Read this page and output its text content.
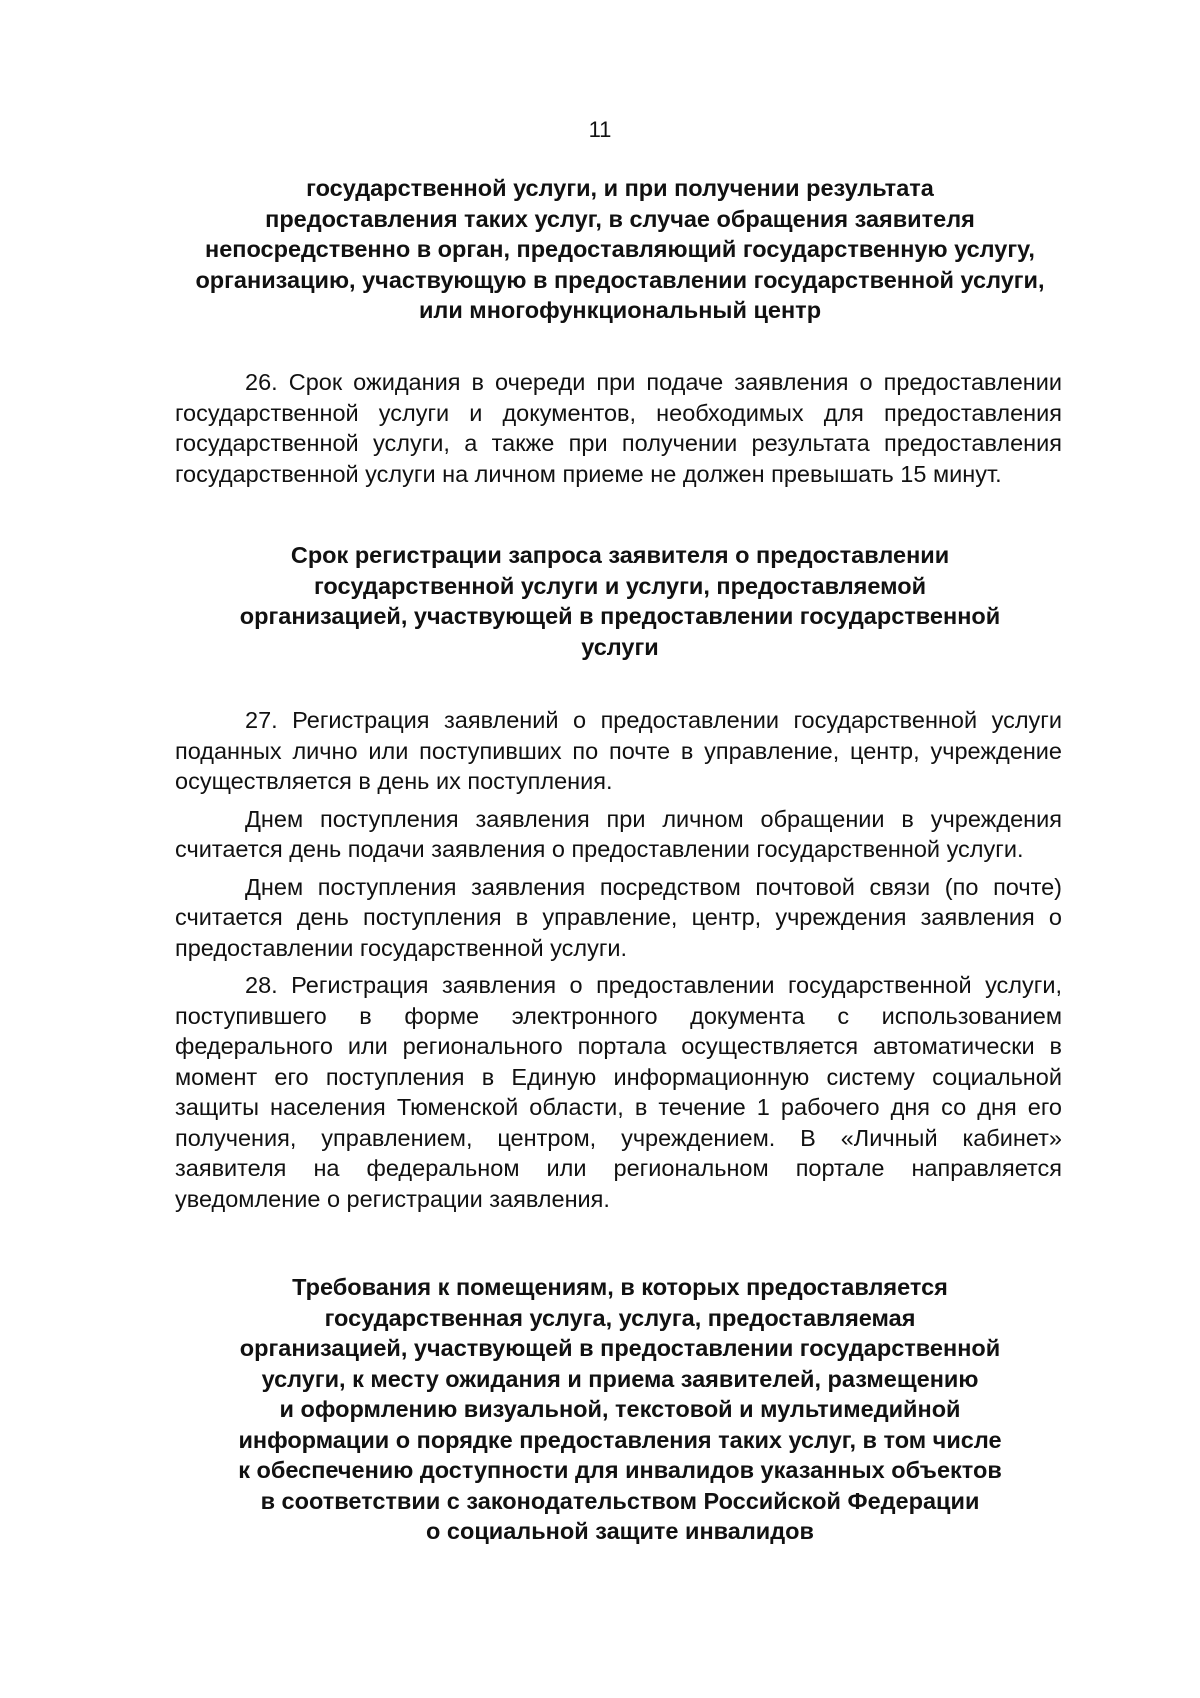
11
государственной услуги, и при получении результата
предоставления таких услуг, в случае обращения заявителя
непосредственно в орган, предоставляющий государственную услугу,
организацию, участвующую в предоставлении государственной услуги,
или многофункциональный центр

26. Срок ожидания в очереди при подаче заявления о предоставлении государственной услуги и документов, необходимых для предоставления государственной услуги, а также при получении результата предоставления государственной услуги на личном приеме не должен превышать 15 минут.

Срок регистрации запроса заявителя о предоставлении
государственной услуги и услуги, предоставляемой
организацией, участвующей в предоставлении государственной
услуги

27. Регистрация заявлений о предоставлении государственной услуги поданных лично или поступивших по почте в управление, центр, учреждение осуществляется в день их поступления.

Днем поступления заявления при личном обращении в учреждения считается день подачи заявления о предоставлении государственной услуги.

Днем поступления заявления посредством почтовой связи (по почте) считается день поступления в управление, центр, учреждения заявления о предоставлении государственной услуги.

28. Регистрация заявления о предоставлении государственной услуги, поступившего в форме электронного документа с использованием федерального или регионального портала осуществляется автоматически в момент его поступления в Единую информационную систему социальной защиты населения Тюменской области, в течение 1 рабочего дня со дня его получения, управлением, центром, учреждением. В «Личный кабинет» заявителя на федеральном или региональном портале направляется уведомление о регистрации заявления.

Требования к помещениям, в которых предоставляется
государственная услуга, услуга, предоставляемая
организацией, участвующей в предоставлении государственной
услуги, к месту ожидания и приема заявителей, размещению
и оформлению визуальной, текстовой и мультимедийной
информации о порядке предоставления таких услуг, в том числе
к обеспечению доступности для инвалидов указанных объектов
в соответствии с законодательством Российской Федерации
о социальной защите инвалидов
